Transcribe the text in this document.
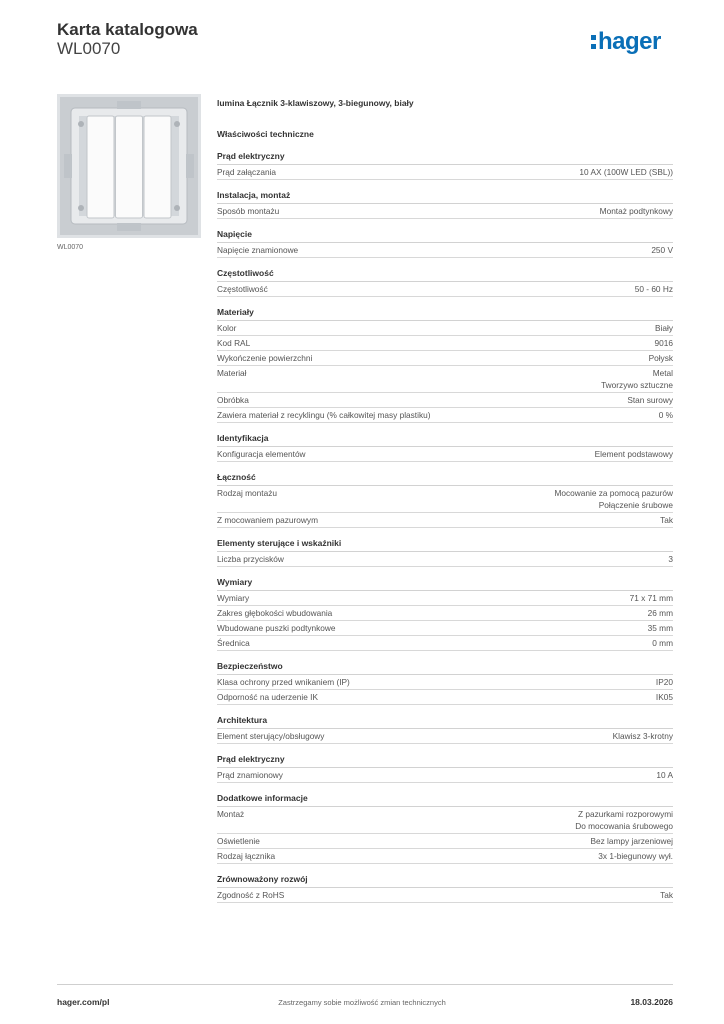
Karta katalogowa
WL0070	hager
WL0070
lumina Łącznik 3-klawiszowy, 3-biegunowy, biały
Właściwości techniczne
Prąd elektryczny
Prąd załączania	10 AX (100W LED (SBL))
Instalacja, montaż
Sposób montażu	Montaż podtynkowy
Napięcie
Napięcie znamionowe	250 V
Częstotliwość
Częstotliwość	50 - 60 Hz
Materiały
Kolor	Biały
Kod RAL	9016
Wykończenie powierzchni	Połysk
Materiał	Metal
Tworzywo sztuczne
Obróbka	Stan surowy
Zawiera materiał z recyklingu (% całkowitej masy plastiku)	0 %
Identyfikacja
Konfiguracja elementów	Element podstawowy
Łączność
Rodzaj montażu	Mocowanie za pomocą pazurów
Połączenie śrubowe
Z mocowaniem pazurowym	Tak
Elementy sterujące i wskaźniki
Liczba przycisków	3
Wymiary
Wymiary	71 x 71 mm
Zakres głębokości wbudowania	26 mm
Wbudowane puszki podtynkowe	35 mm
Średnica	0 mm
Bezpieczeństwo
Klasa ochrony przed wnikaniem (IP)	IP20
Odporność na uderzenie IK	IK05
Architektura
Element sterujący/obsługowy	Klawisz 3-krotny
Prąd elektryczny
Prąd znamionowy	10 A
Dodatkowe informacje
Montaż	Z pazurkami rozporowymi
Do mocowania śrubowego
Oświetlenie	Bez lampy jarzeniowej
Rodzaj łącznika	3x 1-biegunowy wył.
Zrównoważony rozwój
Zgodność z RoHS	Tak
hager.com/pl	Zastrzegamy sobie możliwość zmian technicznych	18.03.2026
